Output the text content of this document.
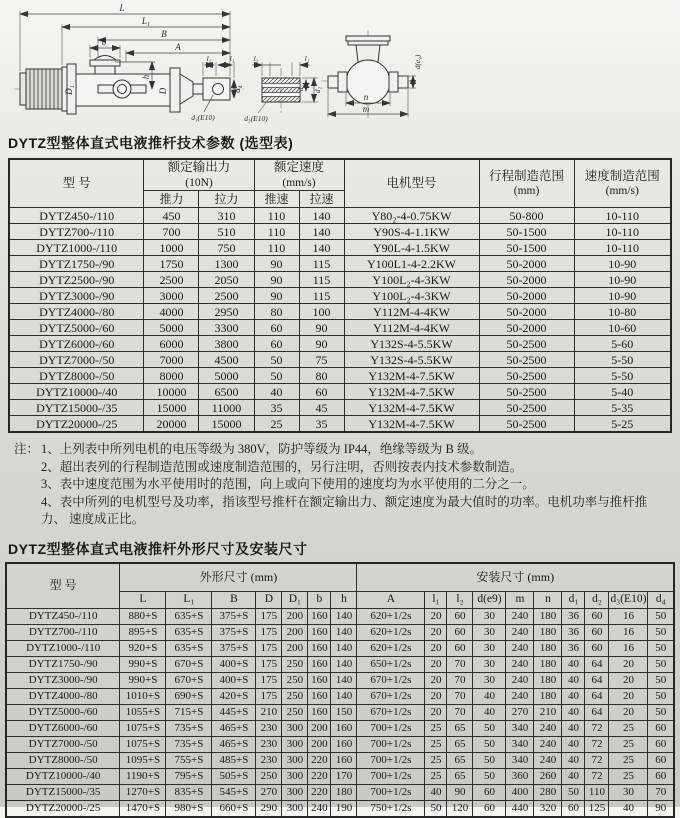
L
L₁
B
A
b
h
D₁	D	d₄
l₂ l₁
d₃(E10)
l₂	l₁
d₁ d₂
d₃(E10)
d(e₉)
n
m
DYTZ型整体直式电液推杆技术参数 (选型表)
型 号	
额定输出力
(10N)

额定速度
(mm/s)	电机型号	
行程制造范围
(mm)

速度制造范围
(mm/s)

	推力	拉力	推速	拉速			
DYTZ450-/110	450	310	110	140	Y80₂-4-0.75KW	50-800	10-110
DYTZ700-/110	700	510	110	140	Y90S-4-1.1KW	50-1500	10-110
DYTZ1000-/110	1000	750	110	140	Y90L-4-1.5KW	50-1500	10-110
DYTZ1750-/90	1750	1300	90	115	Y100L1-4-2.2KW	50-2000	10-90
DYTZ2500-/90	2500	2050	90	115	Y100L₂-4-3KW	50-2000	10-90
DYTZ3000-/90	3000	2500	90	115	Y100L₂-4-3KW	50-2000	10-90
DYTZ4000-/80	4000	2950	80	100	Y112M-4-4KW	50-2000	10-80
DYTZ5000-/60	5000	3300	60	90	Y112M-4-4KW	50-2000	10-60
DYTZ6000-/60	6000	3800	60	90	Y132S-4-5.5KW	50-2500	5-60
DYTZ7000-/50	7000	4500	50	75	Y132S-4-5.5KW	50-2500	5-50
DYTZ8000-/50	8000	5000	50	80	Y132M-4-7.5KW	50-2500	5-50
DYTZ10000-/40	10000	6500	40	60	Y132M-4-7.5KW	50-2500	5-40
DYTZ15000-/35	15000	11000	35	45	Y132M-4-7.5KW	50-2500	5-35
DYTZ20000-/25	20000	15000	25	35	Y132M-4-7.5KW	50-2500	5-25
注： 1、上列表中所列电机的电压等级为 380V，防护等级为 IP44，绝缘等级为 B 级。
2、超出表列的行程制造范围或速度制造范围的，另行注明，否则按表内技术参数制造。
3、表中速度范围为水平使用时的范围，向上或向下使用的速度均为水平使用的二分之一。
4、表中所列的电机型号及功率，指该型号推杆在额定输出力、额定速度为最大值时的功率。电机功率与推杆推力、 速度成正比。
DYTZ型整体直式电液推杆外形尺寸及安装尺寸
型 号	外形尺寸 (mm)							安装尺寸 (mm)									
	L	L₁	B	D	D₁	b	h	A	l₁	l₂	d(e9)	m	n	d₁	d₂	d₃(E10)	d₄
DYTZ450-/110	880+S	635+S	375+S	175	200	160	140	620+1/2s	20	60	30	240	180	36	60	16	50
DYTZ700-/110	895+S	635+S	375+S	175	200	160	140	620+1/2s	20	60	30	240	180	36	60	16	50
DYTZ1000-/110	920+S	635+S	375+S	175	200	160	140	620+1/2s	20	60	30	240	180	36	60	16	50
DYTZ1750-/90	990+S	670+S	400+S	175	250	160	140	650+1/2s	20	70	30	240	180	40	64	20	50
DYTZ3000-/90	990+S	670+S	400+S	175	250	160	140	670+1/2s	20	70	30	240	180	40	64	20	50
DYTZ4000-/80	1010+S	690+S	420+S	175	250	160	140	670+1/2s	20	70	40	240	180	40	64	20	50
DYTZ5000-/60	1055+S	715+S	445+S	210	250	160	150	670+1/2s	20	70	40	270	210	40	64	20	50
DYTZ6000-/60	1075+S	735+S	465+S	230	300	200	160	700+1/2s	25	65	50	340	240	40	72	25	60
DYTZ7000-/50	1075+S	735+S	465+S	230	300	200	160	700+1/2s	25	65	50	340	240	40	72	25	60
DYTZ8000-/50	1095+S	755+S	485+S	230	300	220	160	700+1/2s	25	65	50	340	240	40	72	25	60
DYTZ10000-/40	1190+S	795+S	505+S	250	300	220	170	700+1/2s	25	65	50	360	260	40	72	25	60
DYTZ15000-/35	1270+S	835+S	545+S	270	300	220	180	700+1/2s	40	90	60	400	280	50	110	30	70
DYTZ20000-/25	1470+S	980+S	660+S	290	300	240	190	750+1/2s	50	120	60	440	320	60	125	40	90
